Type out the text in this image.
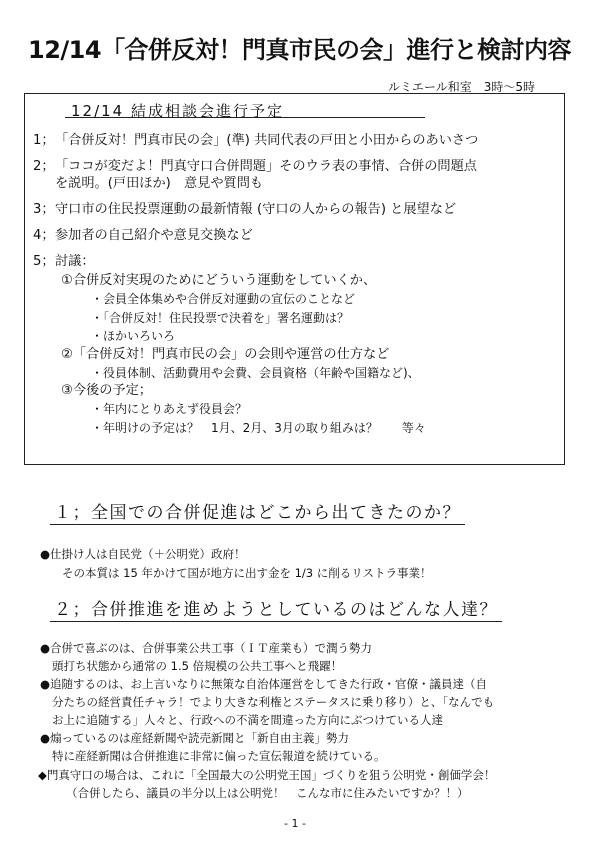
12/14「合併反対！門真市民の会」進行と検討内容
ルミエール和室　3時～5時
12/14 結成相談会進行予定
1；「合併反対！門真市民の会」(準) 共同代表の戸田と小田からのあいさつ
2；「ココが変だよ！門真守口合併問題」そのウラ表の事情、合併の問題点
を説明。(戸田ほか)　意見や質問も
3；守口市の住民投票運動の最新情報 (守口の人からの報告) と展望など
4；参加者の自己紹介や意見交換など
5；討議：
①合併反対実現のためにどういう運動をしていくか、
・会員全体集めや合併反対運動の宣伝のことなど
・「合併反対！住民投票で決着を」署名運動は？
・ほかいろいろ
②「合併反対！門真市民の会」の会則や運営の仕方など
・役員体制、活動費用や会費、会員資格（年齢や国籍など)、
③今後の予定；
・年内にとりあえず役員会？
・年明けの予定は？　1月、2月、3月の取り組みは？　　等々
１；全国での合併促進はどこから出てきたのか？
●仕掛け人は自民党（＋公明党）政府！
その本質は 15 年かけて国が地方に出す金を 1/3 に削るリストラ事業！
２；合併推進を進めようとしているのはどんな人達？
●合併で喜ぶのは、合併事業公共工事（ＩＴ産業も）で潤う勢力
頭打ち状態から通常の 1.5 倍規模の公共工事へと飛躍！
●追随するのは、お上言いなりに無策な自治体運営をしてきた行政・官僚・議員達（自
分たちの経営責任チャラ！でより大きな利権とステータスに乗り移り）と、「なんでも
お上に追随する」人々と、行政への不満を間違った方向にぶつけている人達
●煽っているのは産経新聞や読売新聞と「新自由主義」勢力
特に産経新聞は合併推進に非常に偏った宣伝報道を続けている。
◆門真守口の場合は、これに「全国最大の公明党王国」づくりを狙う公明党・創価学会！
（合併したら、議員の半分以上は公明党！　こんな市に住みたいですか？！）
- 1 -
